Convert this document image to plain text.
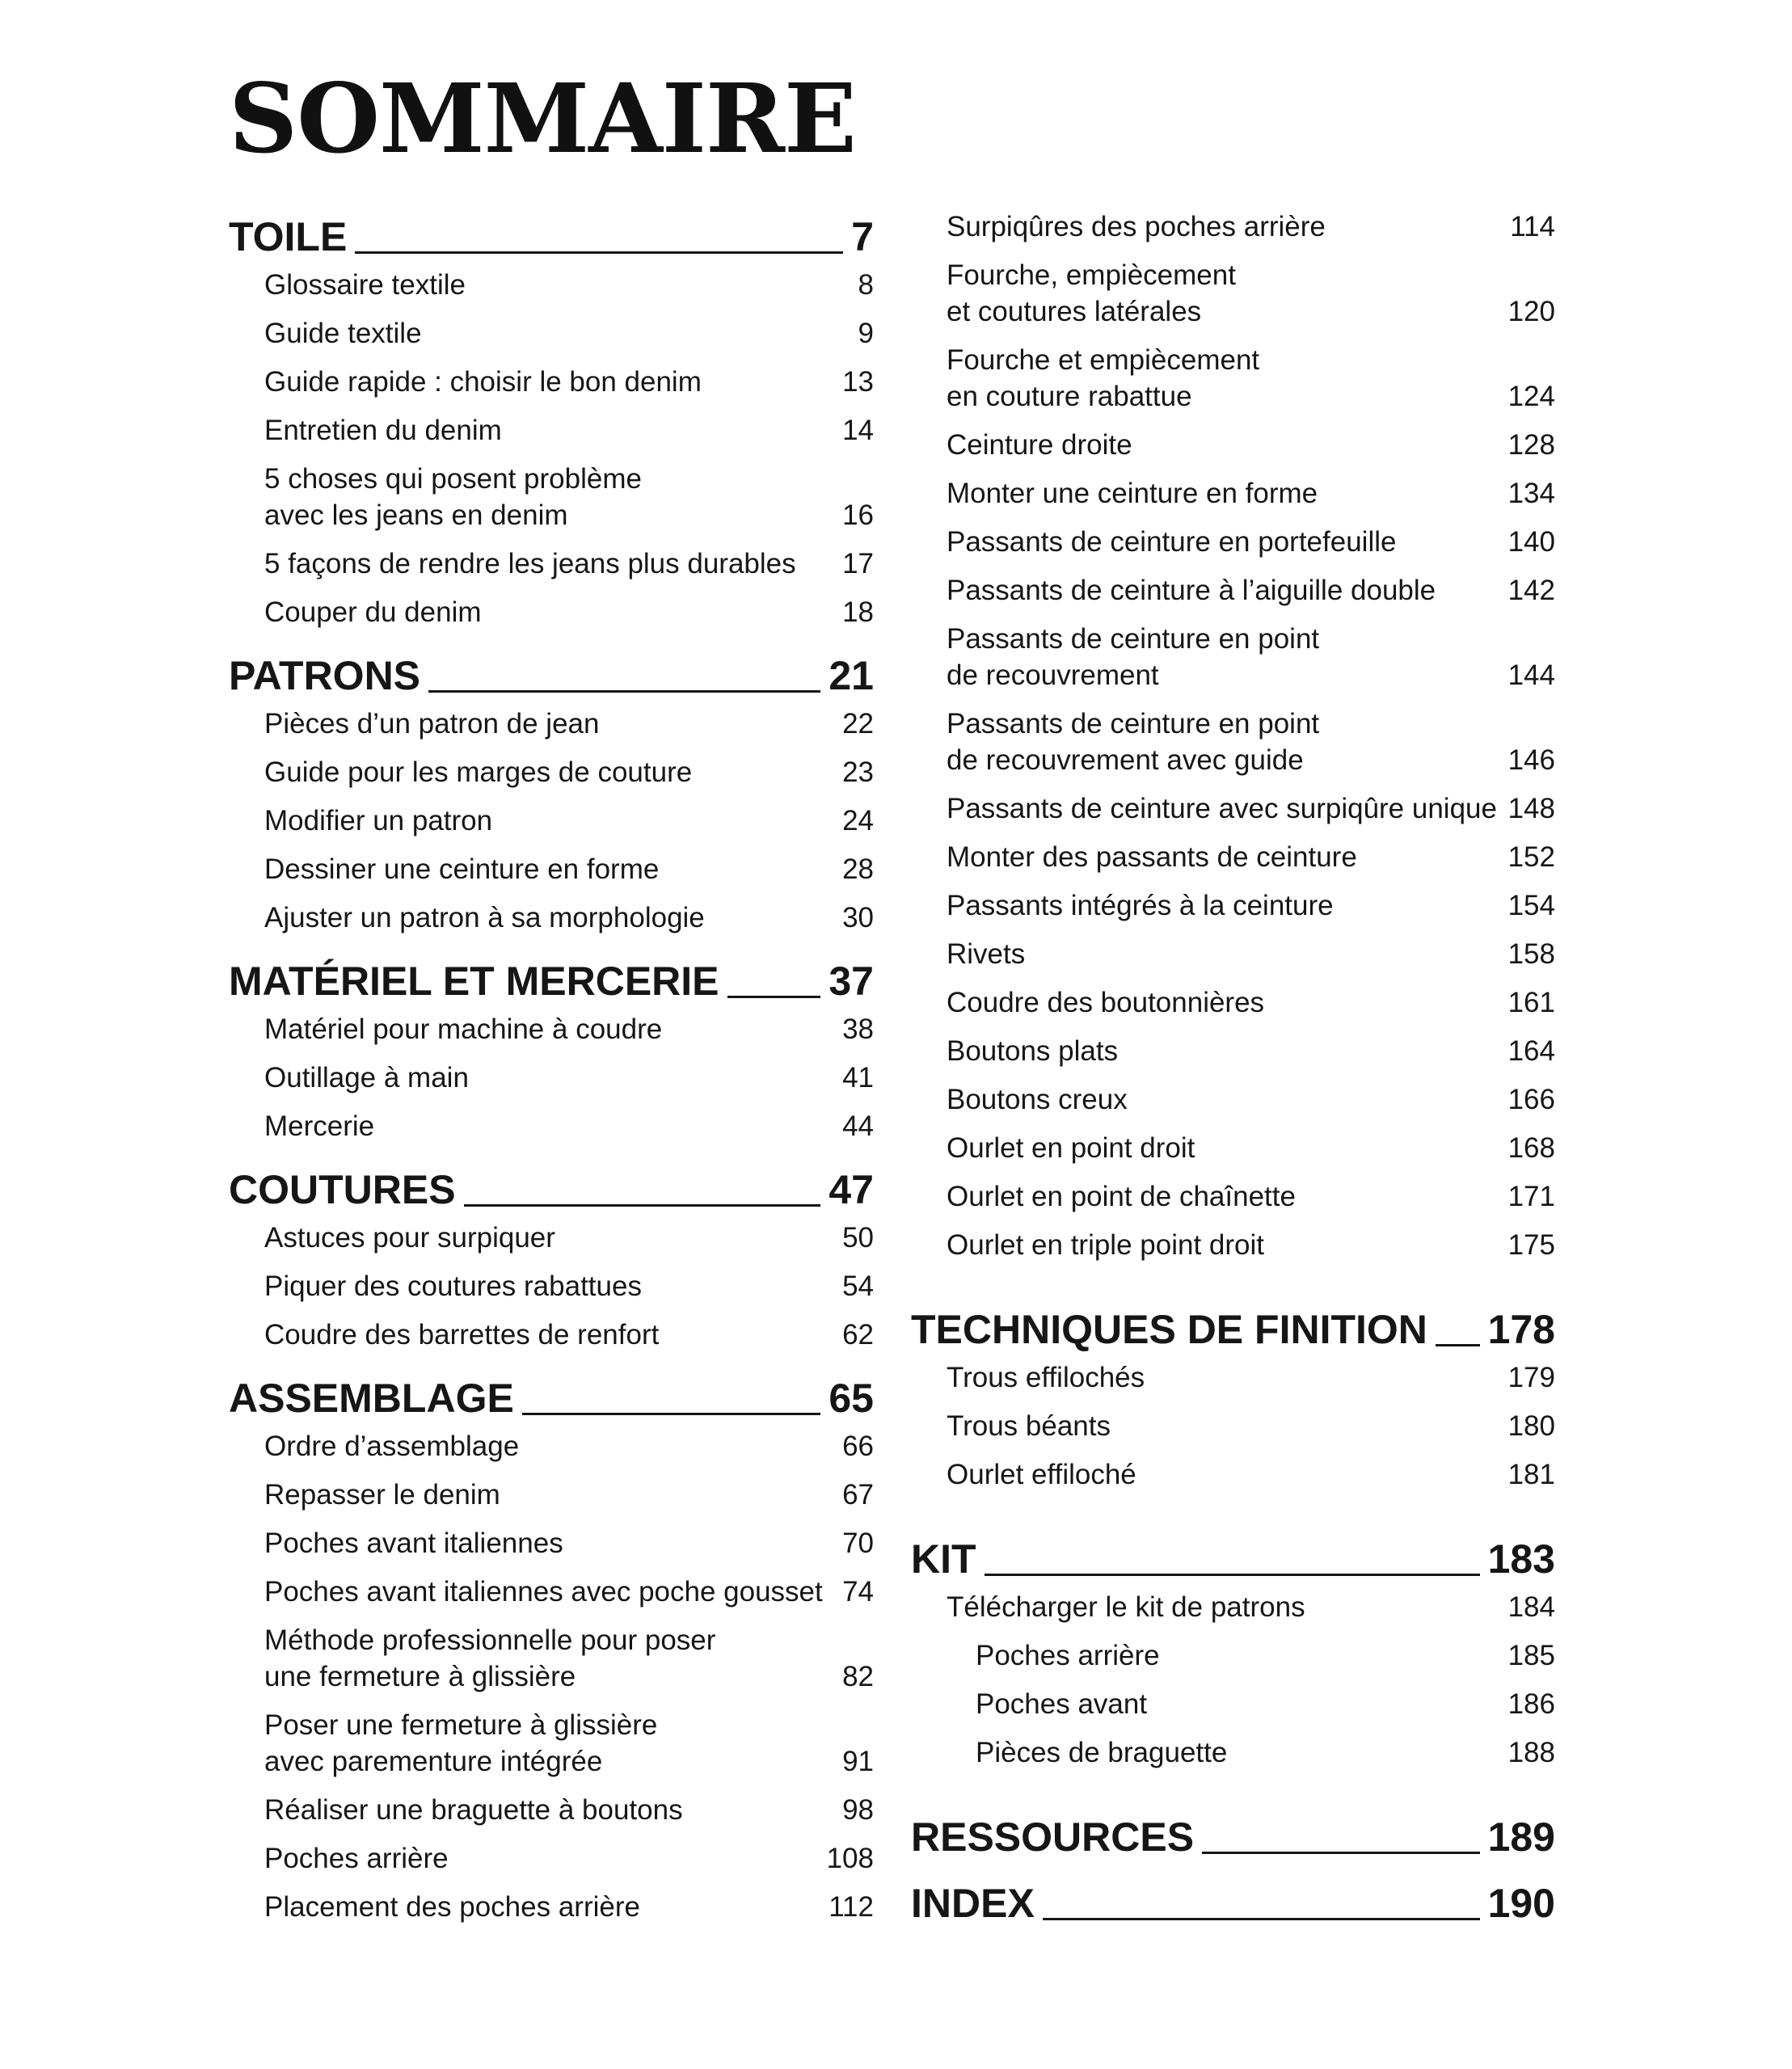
SOMMAIRE
TOILE	7
Glossaire textile	8
Guide textile	9
Guide rapide : choisir le bon denim	13
Entretien du denim	14
5 choses qui posent problème
avec les jeans en denim	16
5 façons de rendre les jeans plus durables	17
Couper du denim	18
PATRONS	21
Pièces d’un patron de jean	22
Guide pour les marges de couture	23
Modifier un patron	24
Dessiner une ceinture en forme	28
Ajuster un patron à sa morphologie	30
MATÉRIEL ET MERCERIE	37
Matériel pour machine à coudre	38
Outillage à main	41
Mercerie	44
COUTURES	47
Astuces pour surpiquer	50
Piquer des coutures rabattues	54
Coudre des barrettes de renfort	62
ASSEMBLAGE	65
Ordre d’assemblage	66
Repasser le denim	67
Poches avant italiennes	70
Poches avant italiennes avec poche gousset 74
Méthode professionnelle pour poser
une fermeture à glissière	82
Poser une fermeture à glissière
avec parementure intégrée	91
Réaliser une braguette à boutons	98
Poches arrière	108
Placement des poches arrière	112
Surpiqûres des poches arrière	114
Fourche, empiècement
et coutures latérales	120
Fourche et empiècement
en couture rabattue	124
Ceinture droite	128
Monter une ceinture en forme	134
Passants de ceinture en portefeuille	140
Passants de ceinture à l’aiguille double	142
Passants de ceinture en point
de recouvrement	144
Passants de ceinture en point
de recouvrement avec guide	146
Passants de ceinture avec surpiqûre unique 148
Monter des passants de ceinture	152
Passants intégrés à la ceinture	154
Rivets	158
Coudre des boutonnières	161
Boutons plats	164
Boutons creux	166
Ourlet en point droit	168
Ourlet en point de chaînette	171
Ourlet en triple point droit	175
TECHNIQUES DE FINITION 178
Trous effilochés	179
Trous béants	180
Ourlet effiloché	181
KIT	183
Télécharger le kit de patrons	184
Poches arrière	185
Poches avant	186
Pièces de braguette	188
RESSOURCES	189
INDEX	190
